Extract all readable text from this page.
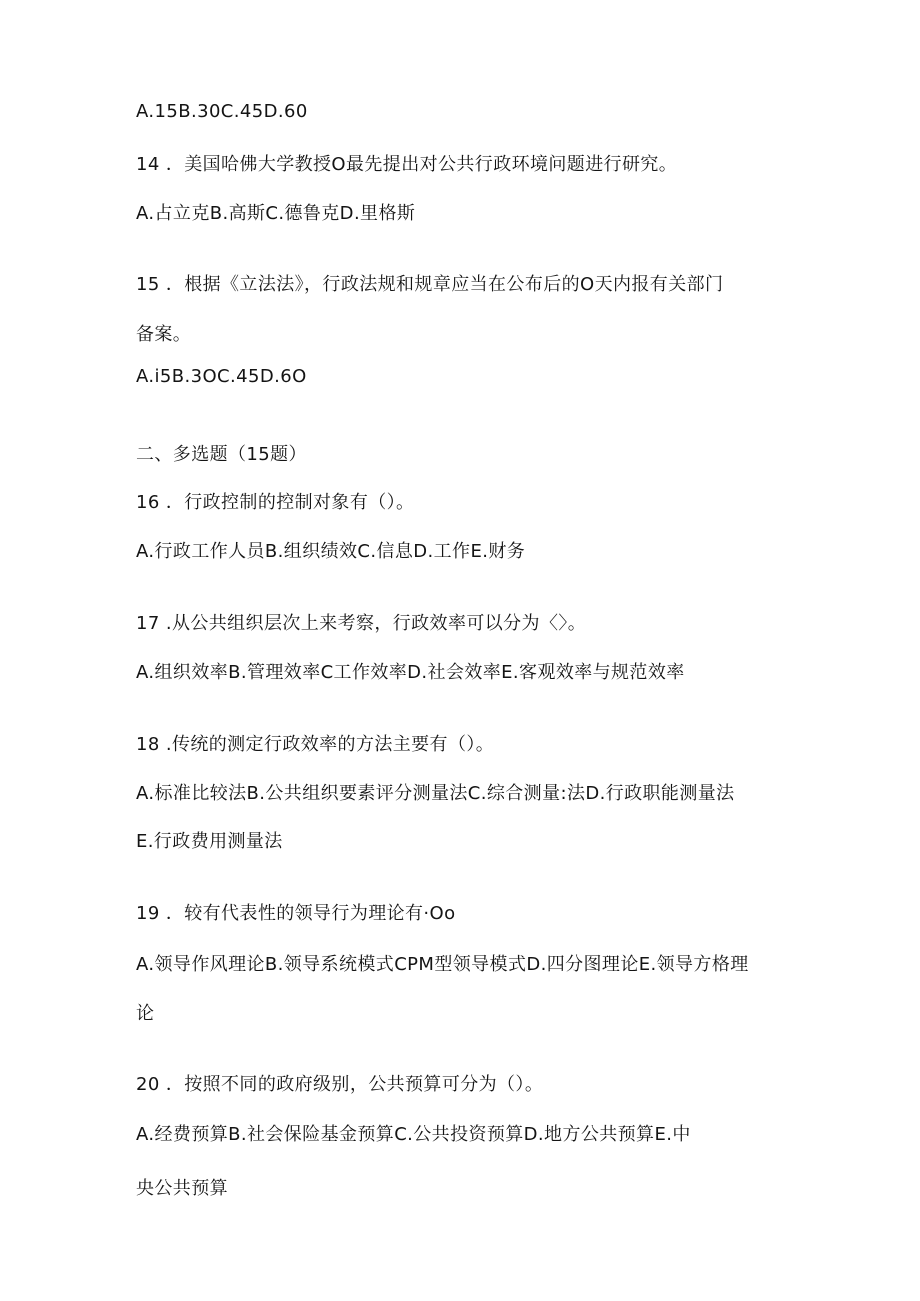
A.15B.30C.45D.60
14 ．美国哈佛大学教授O最先提出对公共行政环境问题进行研究。
A.占立克B.高斯C.德鲁克D.里格斯
15 ．根据《立法法》，行政法规和规章应当在公布后的O天内报有关部门
备案。
A.i5B.3OC.45D.6O
二、多选题（15题）
16 ．行政控制的控制对象有（）。
A.行政工作人员B.组织绩效C.信息D.工作E.财务
17 .从公共组织层次上来考察，行政效率可以分为〈〉。
A.组织效率B.管理效率C工作效率D.社会效率E.客观效率与规范效率
18 .传统的测定行政效率的方法主要有（）。
A.标准比较法B.公共组织要素评分测量法C.综合测量:法D.行政职能测量法
E.行政费用测量法
19 ．较有代表性的领导行为理论有·Oo
A.领导作风理论B.领导系统模式CPM型领导模式D.四分图理论E.领导方格理
论
20 ．按照不同的政府级别，公共预算可分为（）。
A.经费预算B.社会保险基金预算C.公共投资预算D.地方公共预算E.中
央公共预算
